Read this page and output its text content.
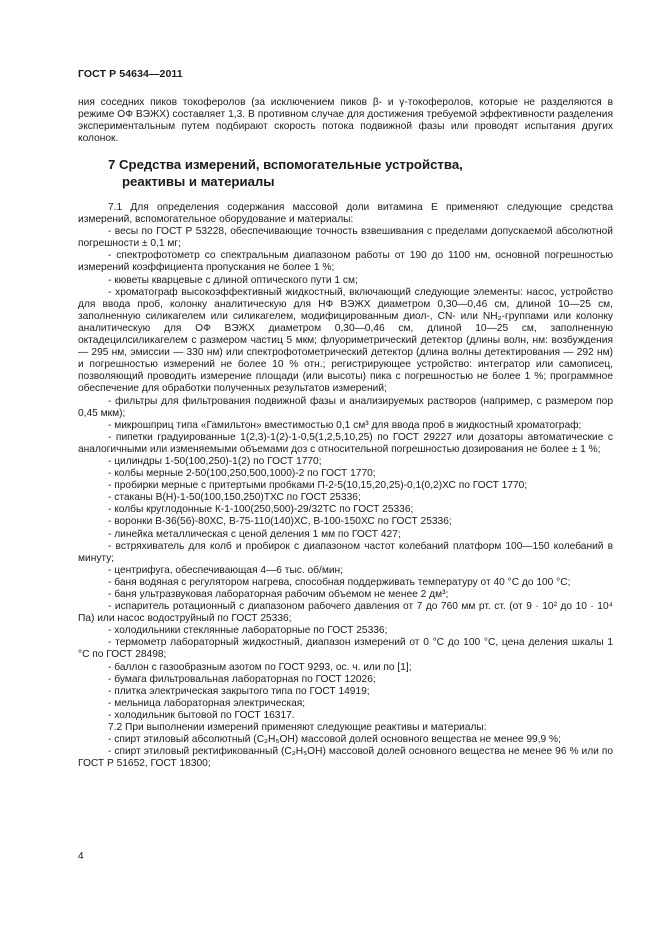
ГОСТ Р 54634—2011

ния соседних пиков токоферолов (за исключением пиков β- и γ-токоферолов, которые не разделяются в режиме ОФ ВЭЖХ) составляет 1,3. В противном случае для достижения требуемой эффективности разделения экспериментальным путем подбирают скорость потока подвижной фазы или проводят испытания других колонок.

7 Средства измерений, вспомогательные устройства,
реактивы и материалы

7.1 Для определения содержания массовой доли витамина Е применяют следующие средства измерений, вспомогательное оборудование и материалы:

- весы по ГОСТ Р 53228, обеспечивающие точность взвешивания с пределами допускаемой абсолютной погрешности ± 0,1 мг;

- спектрофотометр со спектральным диапазоном работы от 190 до 1100 нм, основной погрешностью измерений коэффициента пропускания не более 1 %;

- кюветы кварцевые с длиной оптического пути 1 см;

- хроматограф высокоэффективный жидкостный, включающий следующие элементы: насос, устройство для ввода проб, колонку аналитическую для НФ ВЭЖХ диаметром 0,30—0,46 см, длиной 10—25 см, заполненную силикагелем или силикагелем, модифицированным диол-, CN- или NH₂-группами или колонку аналитическую для ОФ ВЭЖХ диаметром 0,30—0,46 см, длиной 10—25 см, заполненную октадецилсиликагелем с размером частиц 5 мкм; флуориметрический детектор (длины волн, нм: возбуждения — 295 нм, эмиссии — 330 нм) или спектрофотометрический детектор (длина волны детектирования — 292 нм) и погрешностью измерений не более 10 % отн.; регистрирующее устройство: интегратор или самописец, позволяющий проводить измерение площади (или высоты) пика с погрешностью не более 1 %; программное обеспечение для обработки полученных результатов измерений;

- фильтры для фильтрования подвижной фазы и анализируемых растворов (например, с размером пор 0,45 мкм);

- микрошприц типа «Гамильтон» вместимостью 0,1 см³ для ввода проб в жидкостный хроматограф;

- пипетки градуированные 1(2,3)-1(2)-1-0,5(1,2,5,10,25) по ГОСТ 29227 или дозаторы автоматические с аналогичными или изменяемыми объемами доз с относительной погрешностью дозирования не более ± 1 %;

- цилиндры 1-50(100,250)-1(2) по ГОСТ 1770;

- колбы мерные 2-50(100,250,500,1000)-2 по ГОСТ 1770;

- пробирки мерные с притертыми пробками П-2-5(10,15,20,25)-0,1(0,2)ХС по ГОСТ 1770;

- стаканы В(Н)-1-50(100,150,250)ТХС по ГОСТ 25336;

- колбы круглодонные К-1-100(250,500)-29/32ТС по ГОСТ 25336;

- воронки В-36(56)-80ХС, В-75-110(140)ХС, В-100-150ХС по ГОСТ 25336;

- линейка металлическая с ценой деления 1 мм по ГОСТ 427;

- встряхиватель для колб и пробирок с диапазоном частот колебаний платформ 100—150 колебаний в минуту;

- центрифуга, обеспечивающая 4—6 тыс. об/мин;

- баня водяная с регулятором нагрева, способная поддерживать температуру от 40 °С до 100 °С;

- баня ультразвуковая лабораторная рабочим объемом не менее 2 дм³;

- испаритель ротационный с диапазоном рабочего давления от 7 до 760 мм рт. ст. (от 9 · 10² до 10 · 10⁴ Па) или насос водоструйный по ГОСТ 25336;

- холодильники стеклянные лабораторные по ГОСТ 25336;

- термометр лабораторный жидкостный, диапазон измерений от 0 °С до 100 °С, цена деления шкалы 1 °С по ГОСТ 28498;

- баллон с газообразным азотом по ГОСТ 9293, ос. ч. или по [1];

- бумага фильтровальная лабораторная по ГОСТ 12026;

- плитка электрическая закрытого типа по ГОСТ 14919;

- мельница лабораторная электрическая;

- холодильник бытовой по ГОСТ 16317.

7.2 При выполнении измерений применяют следующие реактивы и материалы:

- спирт этиловый абсолютный (С₂Н₅ОН) массовой долей основного вещества не менее 99,9 %;

- спирт этиловый ректификованный (С₂Н₅ОН) массовой долей основного вещества не менее 96 % или по ГОСТ Р 51652, ГОСТ 18300;

4
